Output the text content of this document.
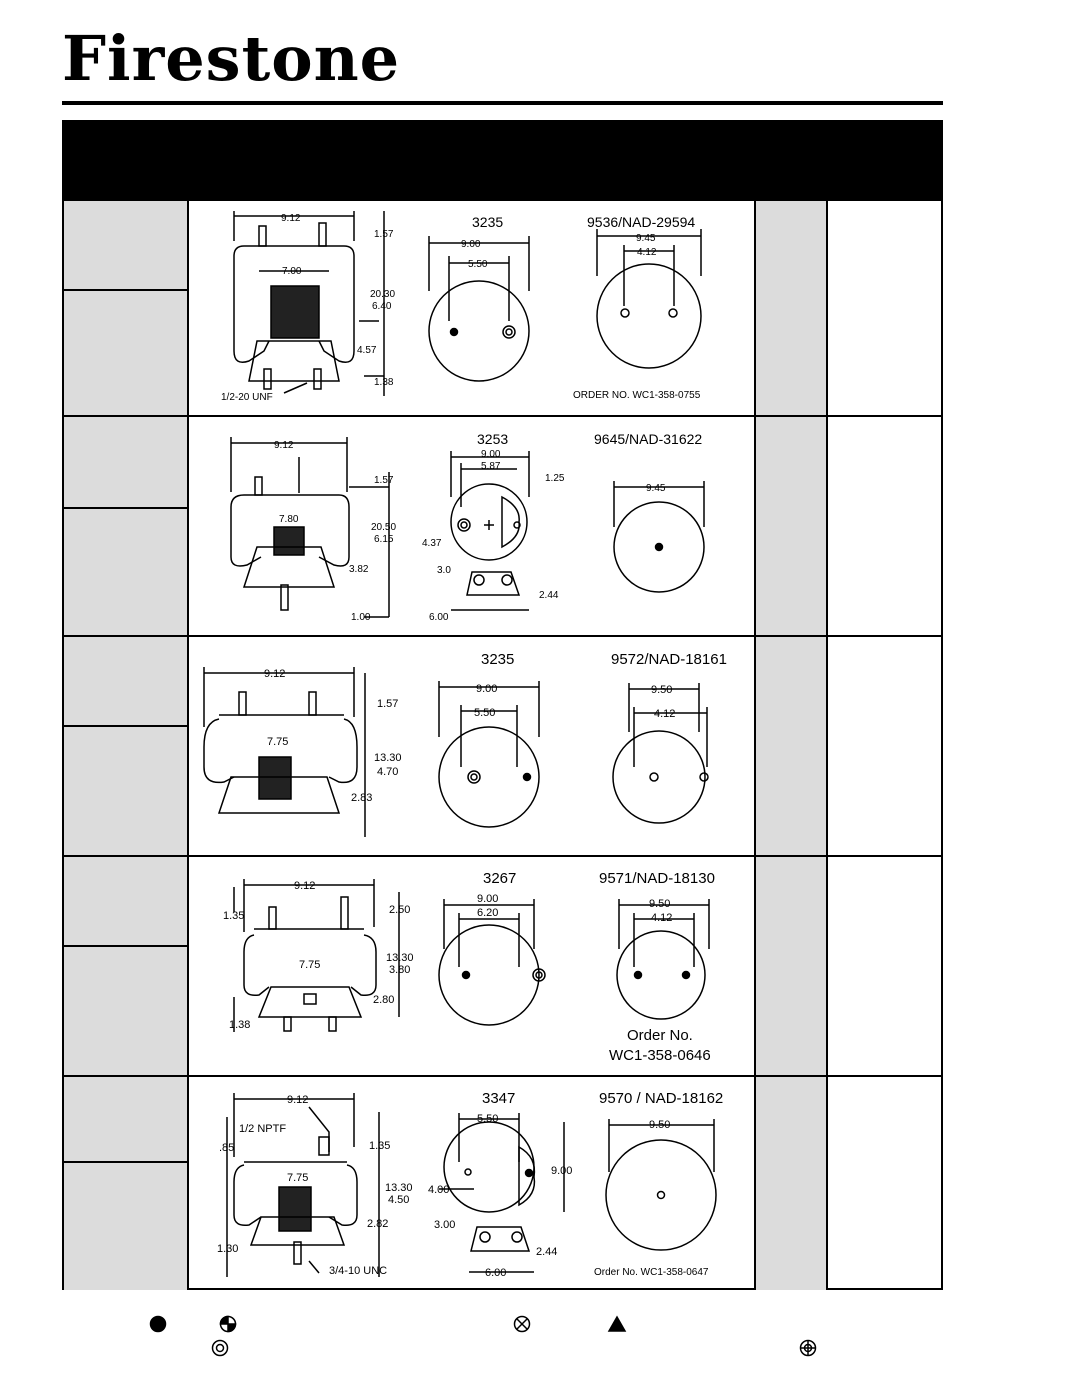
Firestone
9.12
1.57
7.00
20.30
6.40
4.57
1.38
1/2-20 UNF
3235
9.00
5.50
9536/NAD-29594
9.45
4.12
ORDER NO. WC1-358-0755
9.12
1.57
7.80
20.50
6.15
3.82
1.00
3253
9.00
5.87
1.25
4.37
3.0
2.44
6.00
9645/NAD-31622
9.45
9.12
1.57
7.75
13.30
4.70
2.83
3235
9.00
5.50
9572/NAD-18161
9.50
4.12
9.12
1.35	2.50
7.75
13.30
3.80
2.80
1.38
3267
9.00
6.20
9571/NAD-18130
9.50
4.12
Order No.
WC1-358-0646
9.12
1/2 NPTF
.85	1.35
7.75
13.30
4.50
2.82
1.30
3/4-10 UNC
3347
5.50
9.00
4.00
3.00
2.44
6.00
9570 / NAD-18162
9.50
Order No. WC1-358-0647
